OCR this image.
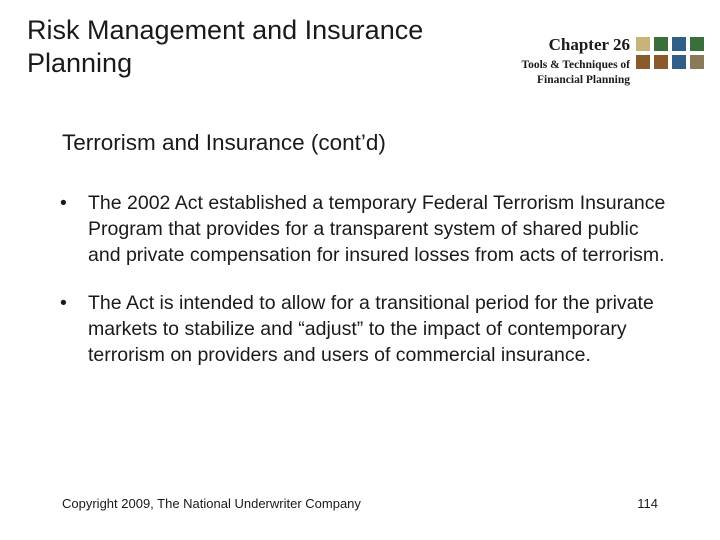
Risk Management and Insurance Planning
Chapter 26
Tools & Techniques of
Financial Planning
Terrorism and Insurance (cont’d)
• The 2002 Act established a temporary Federal Terrorism Insurance Program that provides for a transparent system of shared public and private compensation for insured losses from acts of terrorism.
• The Act is intended to allow for a transitional period for the private markets to stabilize and “adjust” to the impact of contemporary terrorism on providers and users of commercial insurance.
Copyright 2009, The National Underwriter Company	114
